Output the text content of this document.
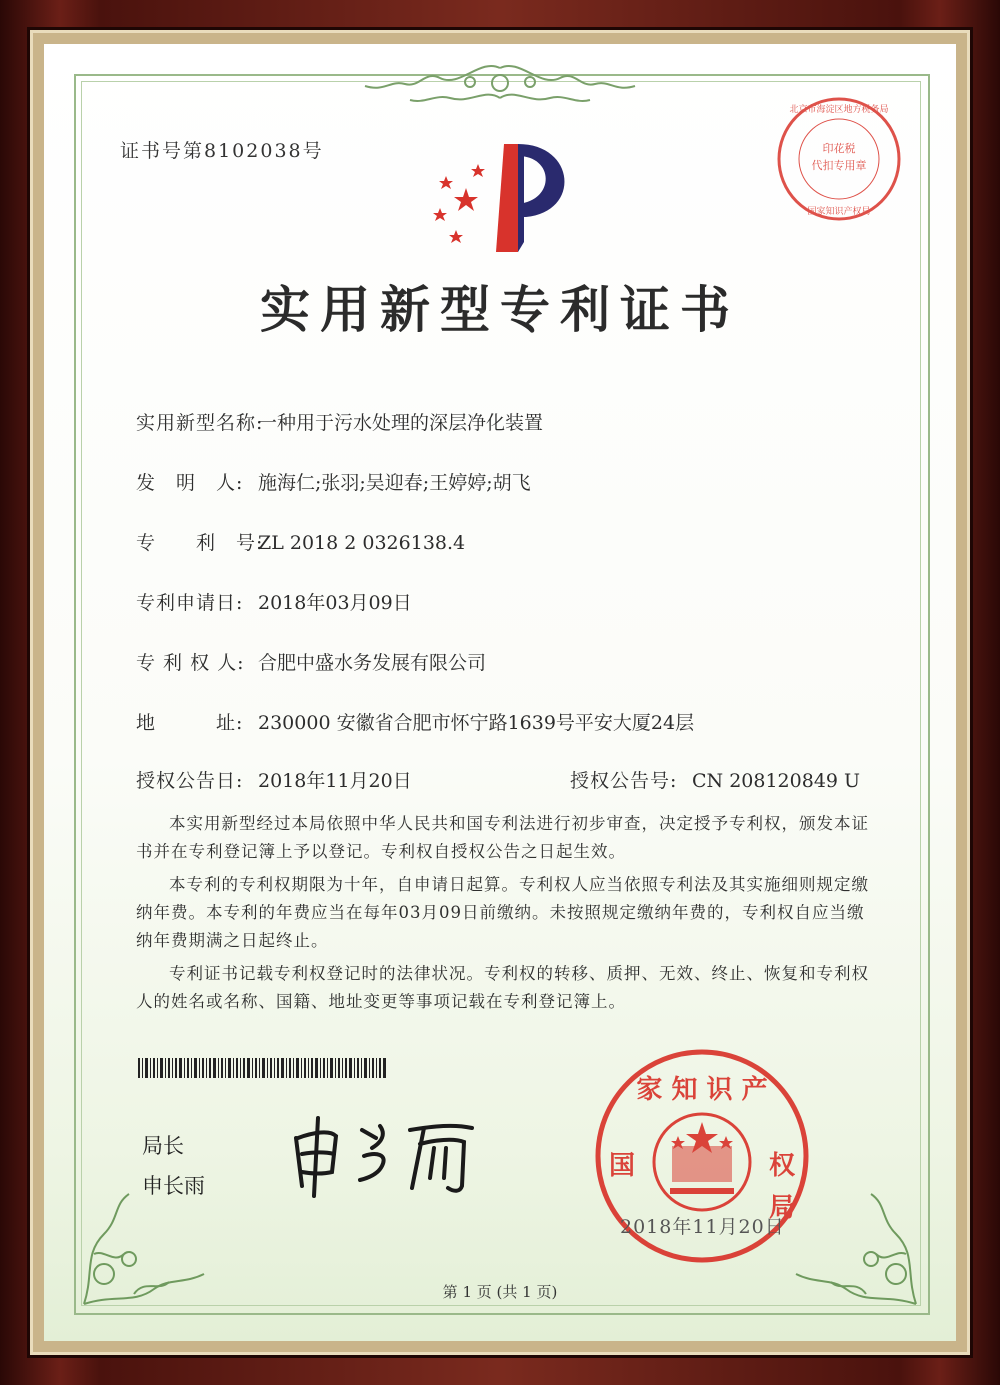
证书号第8102038号
实用新型专利证书
实用新型名称:一种用于污水处理的深层净化装置
发　明　人: 施海仁;张羽;吴迎春;王婷婷;胡飞
专　　利　号:ZL 2018 2 0326138.4
专利申请日: 2018年03月09日
专 利 权 人: 合肥中盛水务发展有限公司
地　　　址: 230000 安徽省合肥市怀宁路1639号平安大厦24层
授权公告日: 2018年11月20日	授权公告号: CN 208120849 U

本实用新型经过本局依照中华人民共和国专利法进行初步审查，决定授予专利权，颁发本证书并在专利登记簿上予以登记。专利权自授权公告之日起生效。

本专利的专利权期限为十年，自申请日起算。专利权人应当依照专利法及其实施细则规定缴纳年费。本专利的年费应当在每年03月09日前缴纳。未按照规定缴纳年费的，专利权自应当缴纳年费期满之日起终止。

专利证书记载专利权登记时的法律状况。专利权的转移、质押、无效、终止、恢复和专利权人的姓名或名称、国籍、地址变更等事项记载在专利登记簿上。

局长
申长雨
家 知 识 产
国	权
局
2018年11月20日
印花税
代扣专用章
北京市海淀区地方税务局
国家知识产权局
第 1 页 (共 1 页)
